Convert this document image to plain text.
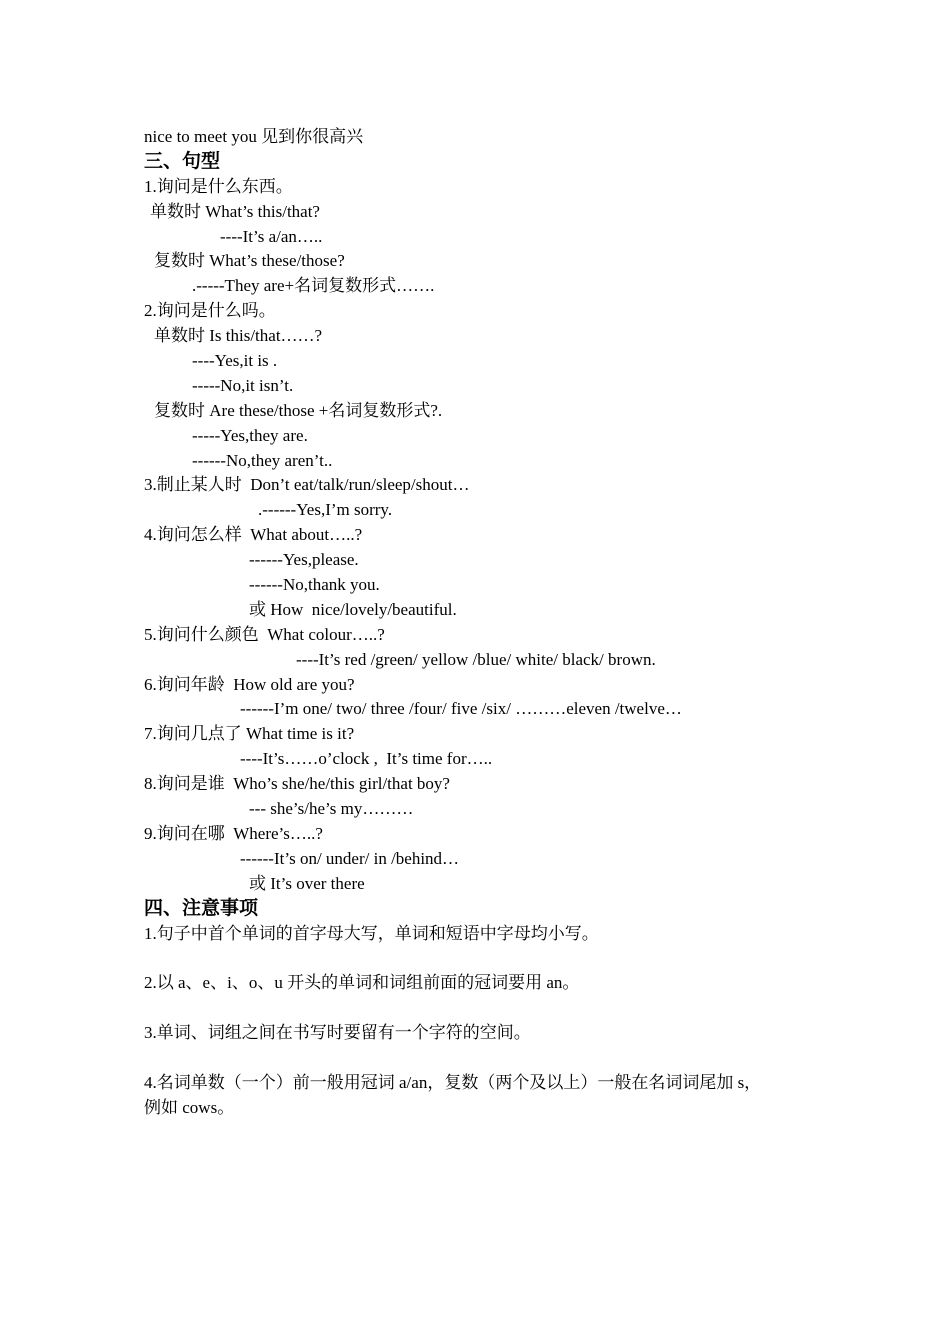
nice to meet you 见到你很高兴
三、句型
1.询问是什么东西。
单数时 What’s this/that?
----It’s a/an…..
复数时 What’s these/those?
.-----They are+名词复数形式…….
2.询问是什么吗。
单数时 Is this/that……?
----Yes,it is .
-----No,it isn’t.
复数时 Are these/those +名词复数形式?.
-----Yes,they are.
------No,they aren’t..
3.制止某人时  Don’t eat/talk/run/sleep/shout…
.------Yes,I’m sorry.
4.询问怎么样  What about…..?
------Yes,please.
------No,thank you.
或 How  nice/lovely/beautiful.
5.询问什么颜色  What colour…..?
----It’s red /green/ yellow /blue/ white/ black/ brown.
6.询问年龄  How old are you?
------I’m one/ two/ three /four/ five /six/ ………eleven /twelve…
7.询问几点了 What time is it?
----It’s……o’clock ,  It’s time for…..
8.询问是谁  Who’s she/he/this girl/that boy?
--- she’s/he’s my………
9.询问在哪  Where’s…..?
------It’s on/ under/ in /behind…
或 It’s over there
四、注意事项
1.句子中首个单词的首字母大写，单词和短语中字母均小写。
2.以 a、e、i、o、u 开头的单词和词组前面的冠词要用 an。
3.单词、词组之间在书写时要留有一个字符的空间。
4.名词单数（一个）前一般用冠词 a/an，复数（两个及以上）一般在名词词尾加 s，
例如 cows。
